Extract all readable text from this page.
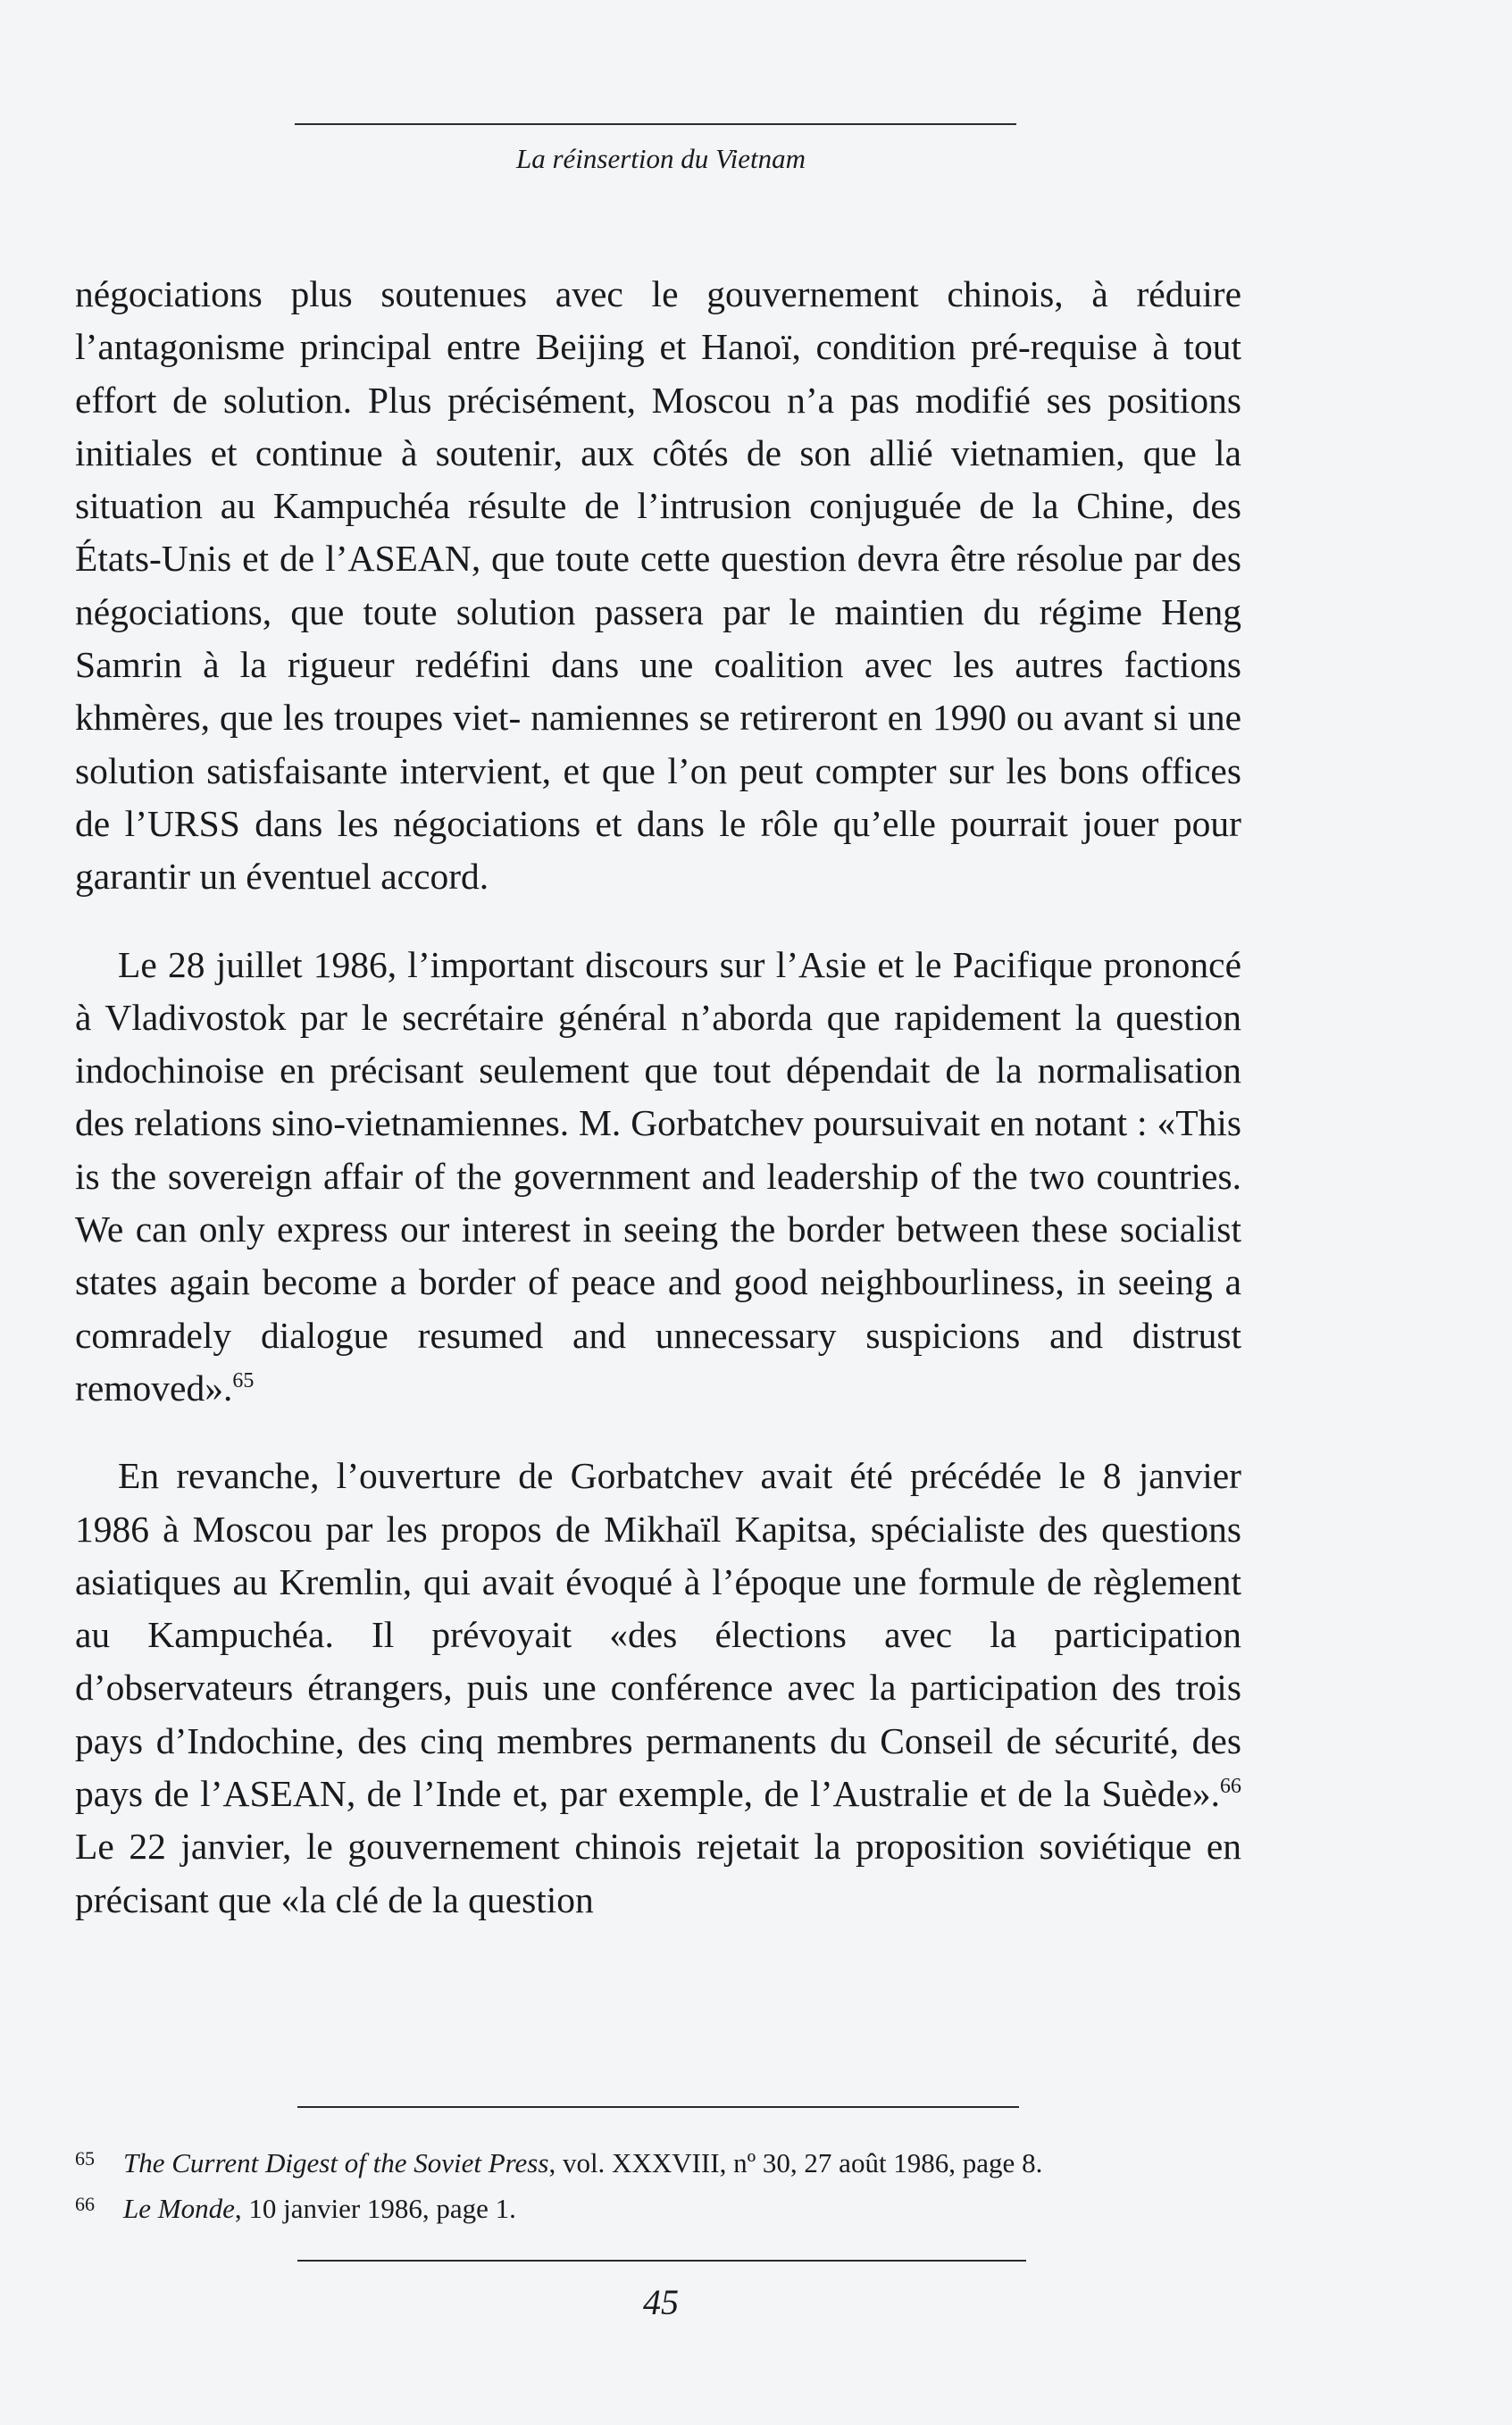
La réinsertion du Vietnam

négociations plus soutenues avec le gouvernement chinois, à réduire l’antagonisme principal entre Beijing et Hanoï, condition pré-requise à tout effort de solution. Plus précisément, Moscou n’a pas modifié ses positions initiales et continue à soutenir, aux côtés de son allié vietnamien, que la situation au Kampuchéa résulte de l’intrusion conjuguée de la Chine, des États-Unis et de l’ASEAN, que toute cette question devra être résolue par des négociations, que toute solution passera par le maintien du régime Heng Samrin à la rigueur redéfini dans une coalition avec les autres factions khmères, que les troupes viet- namiennes se retireront en 1990 ou avant si une solution satisfaisante intervient, et que l’on peut compter sur les bons offices de l’URSS dans les négociations et dans le rôle qu’elle pourrait jouer pour garantir un éventuel accord.

Le 28 juillet 1986, l’important discours sur l’Asie et le Pacifique prononcé à Vladivostok par le secrétaire général n’aborda que rapidement la question indochinoise en précisant seulement que tout dépendait de la normalisation des relations sino-vietnamiennes. M. Gorbatchev poursuivait en notant : «This is the sovereign affair of the government and leadership of the two countries. We can only express our interest in seeing the border between these socialist states again become a border of peace and good neighbourliness, in seeing a comradely dialogue resumed and unnecessary suspicions and distrust removed».$^{65}$

En revanche, l’ouverture de Gorbatchev avait été précédée le 8 janvier 1986 à Moscou par les propos de Mikhaïl Kapitsa, spécialiste des questions asiatiques au Kremlin, qui avait évoqué à l’époque une formule de règlement au Kampuchéa. Il prévoyait «des élections avec la participation d’observateurs étrangers, puis une conférence avec la participation des trois pays d’Indochine, des cinq membres permanents du Conseil de sécurité, des pays de l’ASEAN, de l’Inde et, par exemple, de l’Australie et de la Suède».$^{66}$ Le 22 janvier, le gouvernement chinois rejetait la proposition soviétique en précisant que «la clé de la question

65	The Current Digest of the Soviet Press, vol. XXXVIII, nº 30, 27 août 1986, page 8.
66	Le Monde, 10 janvier 1986, page 1.
45
